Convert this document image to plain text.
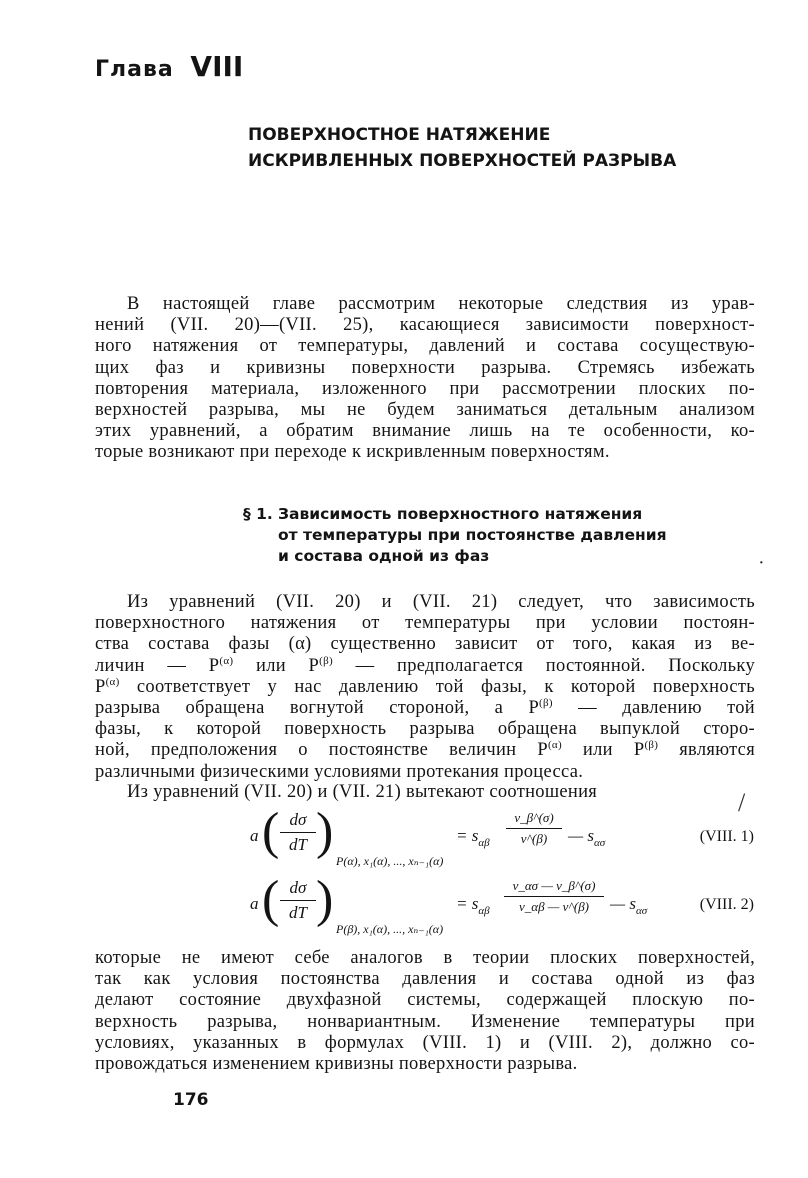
Глава VIII
ПОВЕРХНОСТНОЕ НАТЯЖЕНИЕ
ИСКРИВЛЕННЫХ ПОВЕРХНОСТЕЙ РАЗРЫВА
В настоящей главе рассмотрим некоторые следствия из урав-
нений (VII. 20)—(VII. 25), касающиеся зависимости поверхност-
ного натяжения от температуры, давлений и состава сосуществую-
щих фаз и кривизны поверхности разрыва. Стремясь избежать
повторения материала, изложенного при рассмотрении плоских по-
верхностей разрыва, мы не будем заниматься детальным анализом
этих уравнений, а обратим внимание лишь на те особенности, ко-
торые возникают при переходе к искривленным поверхностям.
§ 1. Зависимость поверхностного натяжения
от температуры при постоянстве давления
и состава одной из фаз	·
Из уравнений (VII. 20) и (VII. 21) следует, что зависимость
поверхностного натяжения от температуры при условии постоян-
ства состава фазы (α) существенно зависит от того, какая из ве-
личин — $P^{(\alpha)}$ или $P^{(\beta)}$ — предполагается постоянной. Поскольку
$P^{(\alpha)}$ соответствует у нас давлению той фазы, к которой поверхность
разрыва обращена вогнутой стороной, а $P^{(\beta)}$ — давлению той
фазы, к которой поверхность разрыва обращена выпуклой сторо-
ной, предположения о постоянстве величин $P^{(\alpha)}$ или $P^{(\beta)}$ являются
различными физическими условиями протекания процесса.
Из уравнений (VII. 20) и (VII. 21) вытекают соотношения	/
a ( dσ
dT )
P(α), x₁(α), ..., xₙ₋₁(α)
= $s_{\alpha\beta}$
v_β^(σ)
v^(β)	— $s_{\alpha\sigma}$	(VIII. 1)
a ( dσ
dT )
P(β), x₁(α), ..., xₙ₋₁(α)
= $s_{\alpha\beta}$
v_ασ — v_β^(σ)
v_αβ — v^(β)	— $s_{\alpha\sigma}$	(VIII. 2)
которые не имеют себе аналогов в теории плоских поверхностей,
так как условия постоянства давления и состава одной из фаз
делают состояние двухфазной системы, содержащей плоскую по-
верхность разрыва, нонвариантным. Изменение температуры при
условиях, указанных в формулах (VIII. 1) и (VIII. 2), должно со-
провождаться изменением кривизны поверхности разрыва.
176
